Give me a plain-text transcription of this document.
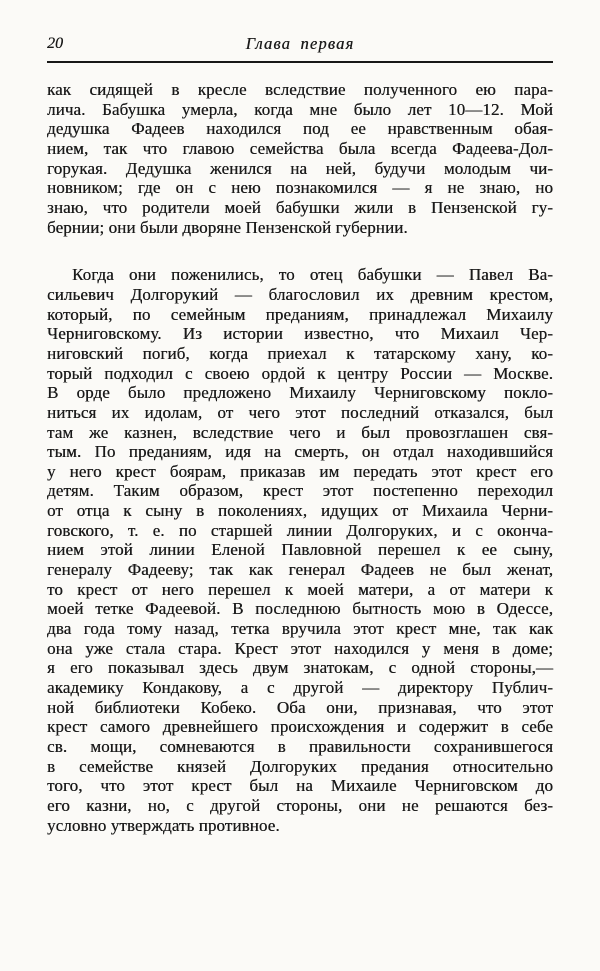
20	Глава первая
как сидящей в кресле вследствие полученного ею пара-
лича. Бабушка умерла, когда мне было лет 10—12. Мой
дедушка Фадеев находился под ее нравственным обая-
нием, так что главою семейства была всегда Фадеева-Дол-
горукая. Дедушка женился на ней, будучи молодым чи-
новником; где он с нею познакомился — я не знаю, но
знаю, что родители моей бабушки жили в Пензенской гу-
бернии; они были дворяне Пензенской губернии.
Когда они поженились, то отец бабушки — Павел Ва-
сильевич Долгорукий — благословил их древним крестом,
который, по семейным преданиям, принадлежал Михаилу
Черниговскому. Из истории известно, что Михаил Чер-
ниговский погиб, когда приехал к татарскому хану, ко-
торый подходил с своею ордой к центру России — Москве.
В орде было предложено Михаилу Черниговскому покло-
ниться их идолам, от чего этот последний отказался, был
там же казнен, вследствие чего и был провозглашен свя-
тым. По преданиям, идя на смерть, он отдал находившийся
у него крест боярам, приказав им передать этот крест его
детям. Таким образом, крест этот постепенно переходил
от отца к сыну в поколениях, идущих от Михаила Черни-
говского, т. е. по старшей линии Долгоруких, и с оконча-
нием этой линии Еленой Павловной перешел к ее сыну,
генералу Фадееву; так как генерал Фадеев не был женат,
то крест от него перешел к моей матери, а от матери к
моей тетке Фадеевой. В последнюю бытность мою в Одессе,
два года тому назад, тетка вручила этот крест мне, так как
она уже стала стара. Крест этот находился у меня в доме;
я его показывал здесь двум знатокам, с одной стороны,—
академику Кондакову, а с другой — директору Публич-
ной библиотеки Кобеко. Оба они, признавая, что этот
крест самого древнейшего происхождения и содержит в себе
св. мощи, сомневаются в правильности сохранившегося
в семействе князей Долгоруких предания относительно
того, что этот крест был на Михаиле Черниговском до
его казни, но, с другой стороны, они не решаются без-
условно утверждать противное.
